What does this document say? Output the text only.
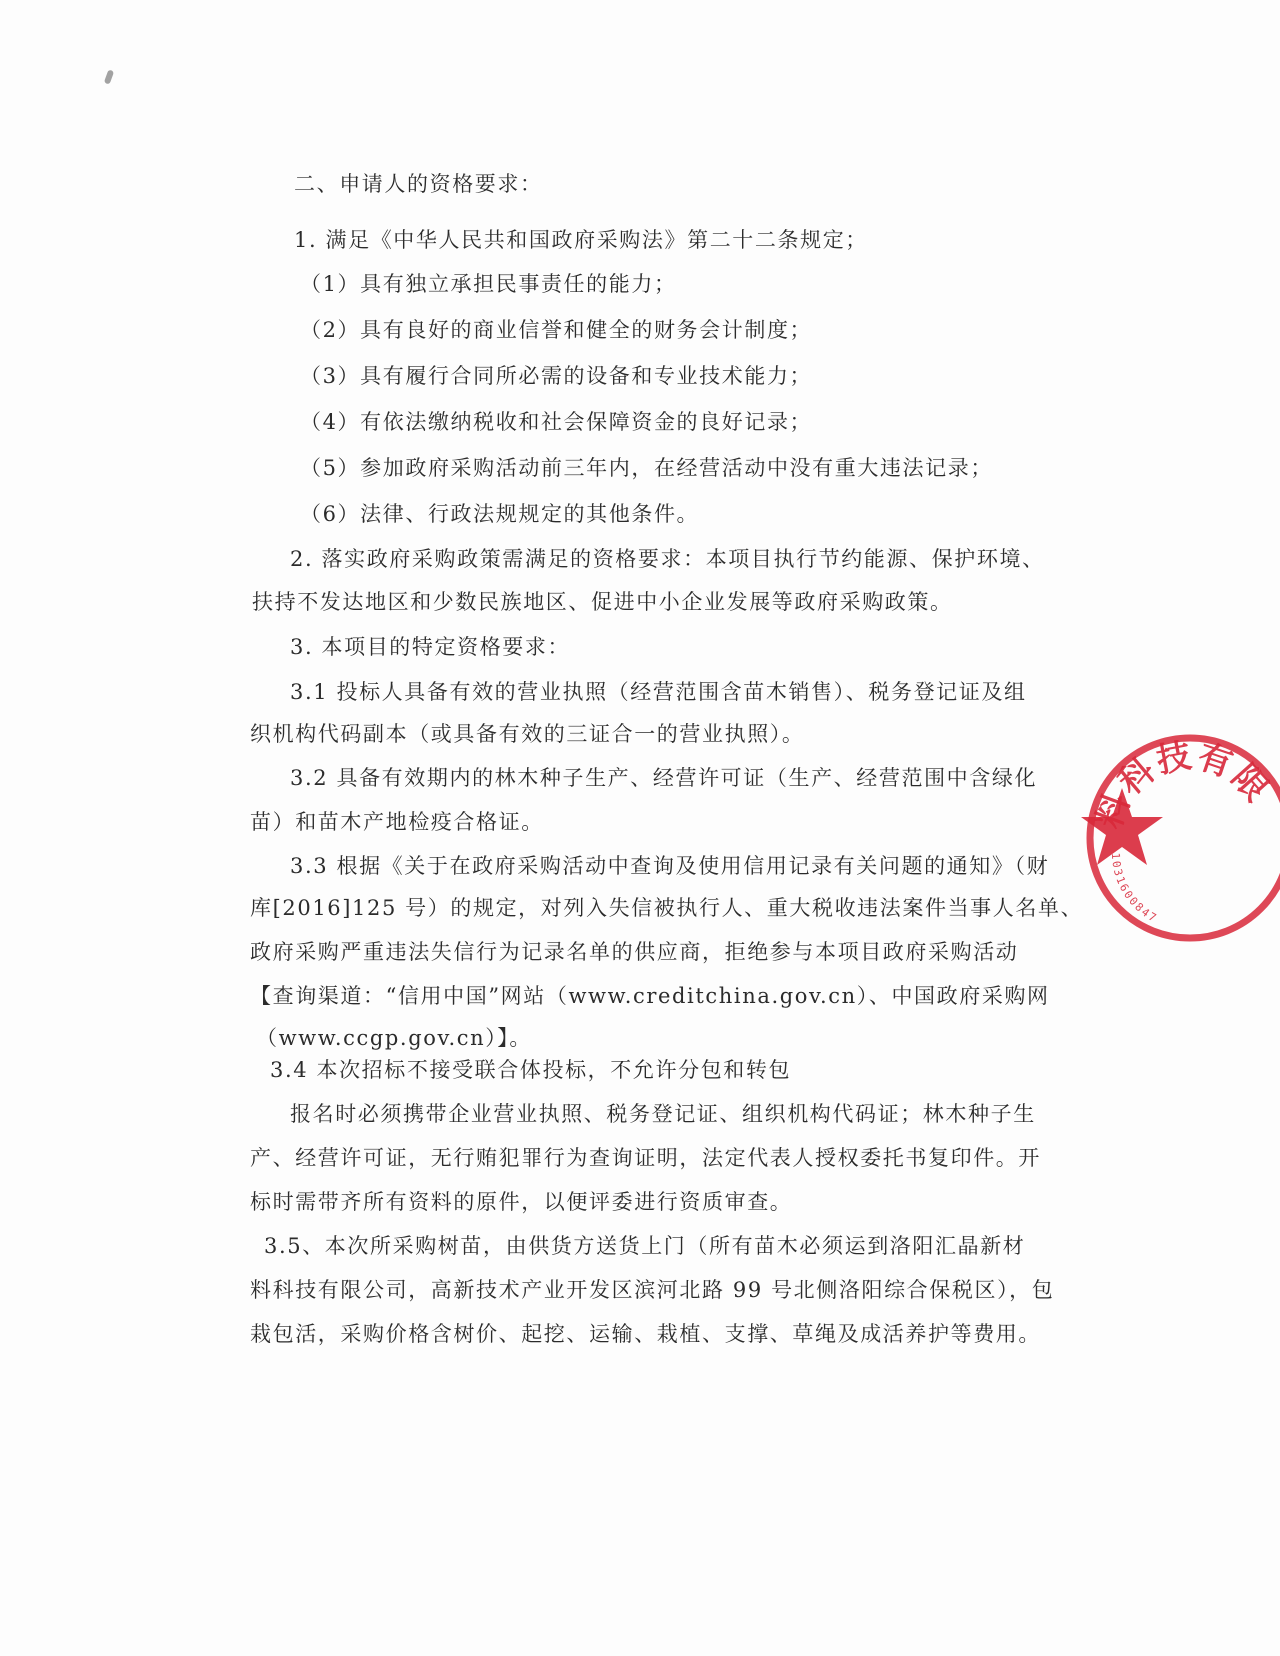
二、申请人的资格要求：
1. 满足《中华人民共和国政府采购法》第二十二条规定；
（1）具有独立承担民事责任的能力；
（2）具有良好的商业信誉和健全的财务会计制度；
（3）具有履行合同所必需的设备和专业技术能力；
（4）有依法缴纳税收和社会保障资金的良好记录；
（5）参加政府采购活动前三年内，在经营活动中没有重大违法记录；
（6）法律、行政法规规定的其他条件。
2. 落实政府采购政策需满足的资格要求：本项目执行节约能源、保护环境、
扶持不发达地区和少数民族地区、促进中小企业发展等政府采购政策。
3. 本项目的特定资格要求：
3.1 投标人具备有效的营业执照（经营范围含苗木销售）、税务登记证及组
织机构代码副本（或具备有效的三证合一的营业执照）。
3.2 具备有效期内的林木种子生产、经营许可证（生产、经营范围中含绿化
苗）和苗木产地检疫合格证。
3.3 根据《关于在政府采购活动中查询及使用信用记录有关问题的通知》（财
库[2016]125 号）的规定，对列入失信被执行人、重大税收违法案件当事人名单、
政府采购严重违法失信行为记录名单的供应商，拒绝参与本项目政府采购活动
【查询渠道：“信用中国”网站（www.creditchina.gov.cn）、中国政府采购网
（www.ccgp.gov.cn）】。
3.4 本次招标不接受联合体投标，不允许分包和转包
报名时必须携带企业营业执照、税务登记证、组织机构代码证；林木种子生
产、经营许可证，无行贿犯罪行为查询证明，法定代表人授权委托书复印件。开
标时需带齐所有资料的原件，以便评委进行资质审查。
3.5、本次所采购树苗，由供货方送货上门（所有苗木必须运到洛阳汇晶新材
料科技有限公司，高新技术产业开发区滨河北路 99 号北侧洛阳综合保税区），包
栽包活，采购价格含树价、起挖、运输、栽植、支撑、草绳及成活养护等费用。
料科技有限
1031600847
